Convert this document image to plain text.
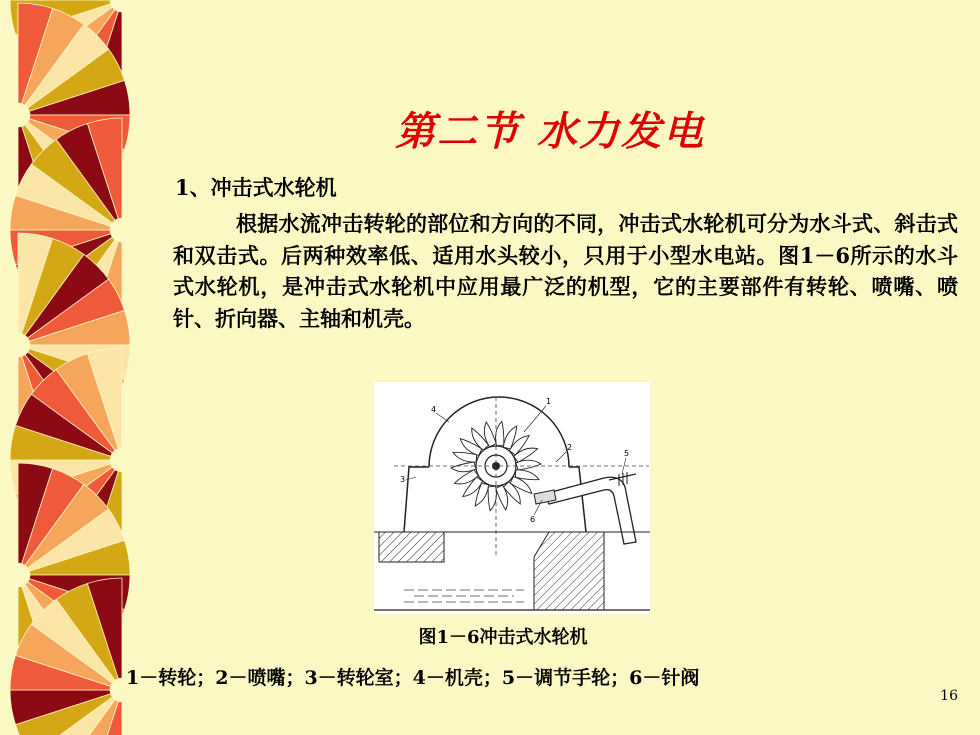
第二节 水力发电
1、冲击式水轮机
根据水流冲击转轮的部位和方向的不同，冲击式水轮机可分为水斗式、斜击式和双击式。后两种效率低、适用水头较小，只用于小型水电站。图1－6所示的水斗式水轮机，是冲击式水轮机中应用最广泛的机型，它的主要部件有转轮、喷嘴、喷针、折向器、主轴和机壳。
1
2
3
4
5
6
图1－6冲击式水轮机
1－转轮；2－喷嘴；3－转轮室；4－机壳；5－调节手轮；6－针阀
16
